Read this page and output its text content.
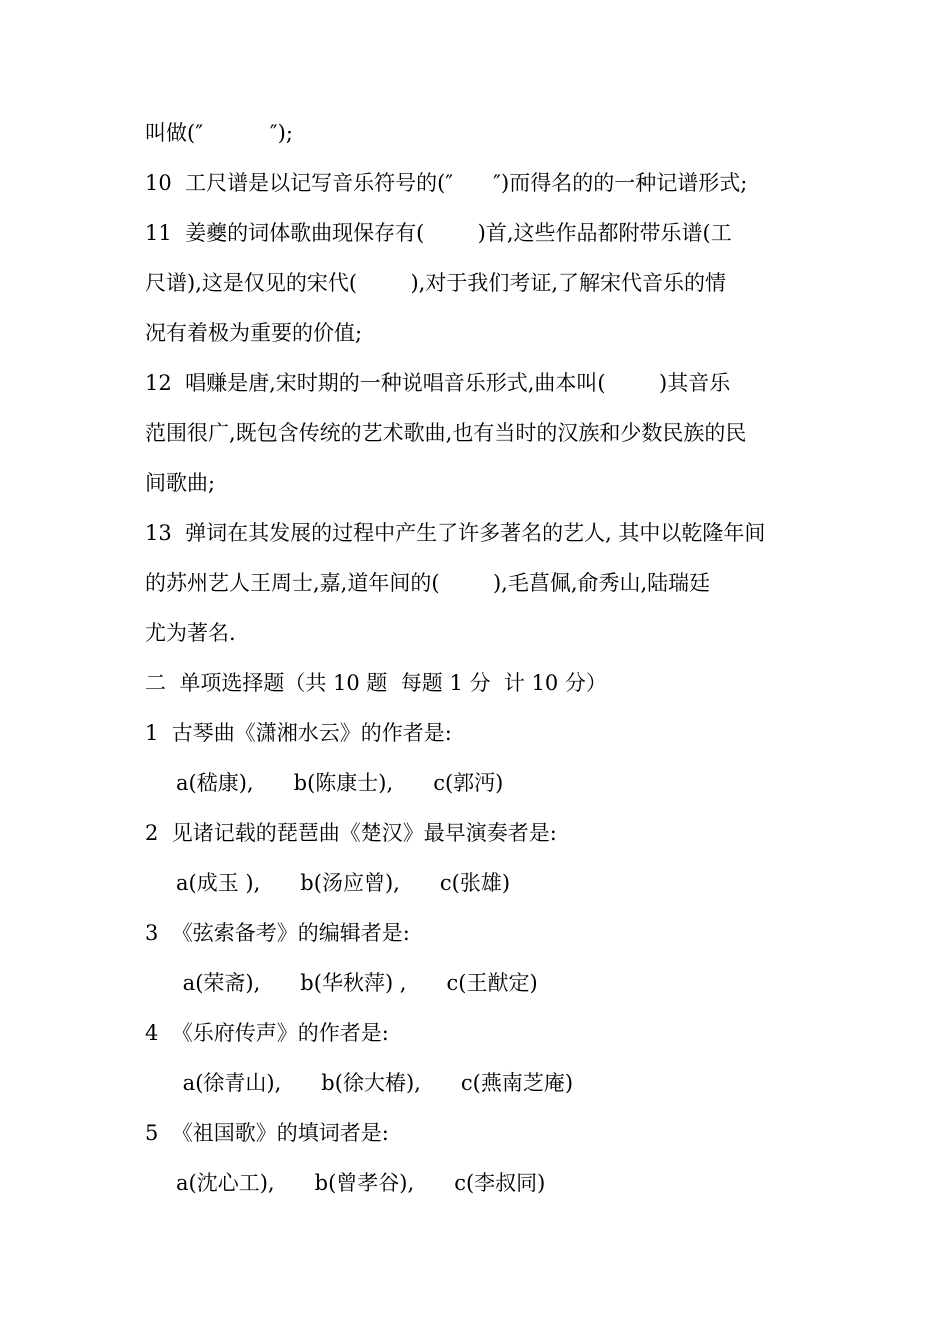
叫做(″          ″);
10  工尺谱是以记写音乐符号的(″      ″)而得名的的一种记谱形式;
11  姜夔的词体歌曲现保存有(        )首,这些作品都附带乐谱(工
尺谱),这是仅见的宋代(        ),对于我们考证,了解宋代音乐的情
况有着极为重要的价值;
12  唱赚是唐,宋时期的一种说唱音乐形式,曲本叫(        )其音乐
范围很广,既包含传统的艺术歌曲,也有当时的汉族和少数民族的民
间歌曲;
13  弹词在其发展的过程中产生了许多著名的艺人, 其中以乾隆年间
的苏州艺人王周士,嘉,道年间的(        ),毛菖佩,俞秀山,陆瑞廷
尤为著名.
二  单项选择题（共 10 题  每题 1 分  计 10 分）
1  古琴曲《潇湘水云》的作者是:
a(嵇康),      b(陈康士),      c(郭沔)
2  见诸记载的琵琶曲《楚汉》最早演奏者是:
a(成玉 ),      b(汤应曾),      c(张雄)
3  《弦索备考》的编辑者是:
a(荣斋),      b(华秋萍) ,      c(王猷定)
4  《乐府传声》的作者是:
a(徐青山),      b(徐大椿),      c(燕南芝庵)
5  《祖国歌》的填词者是:
a(沈心工),      b(曾孝谷),      c(李叔同)
